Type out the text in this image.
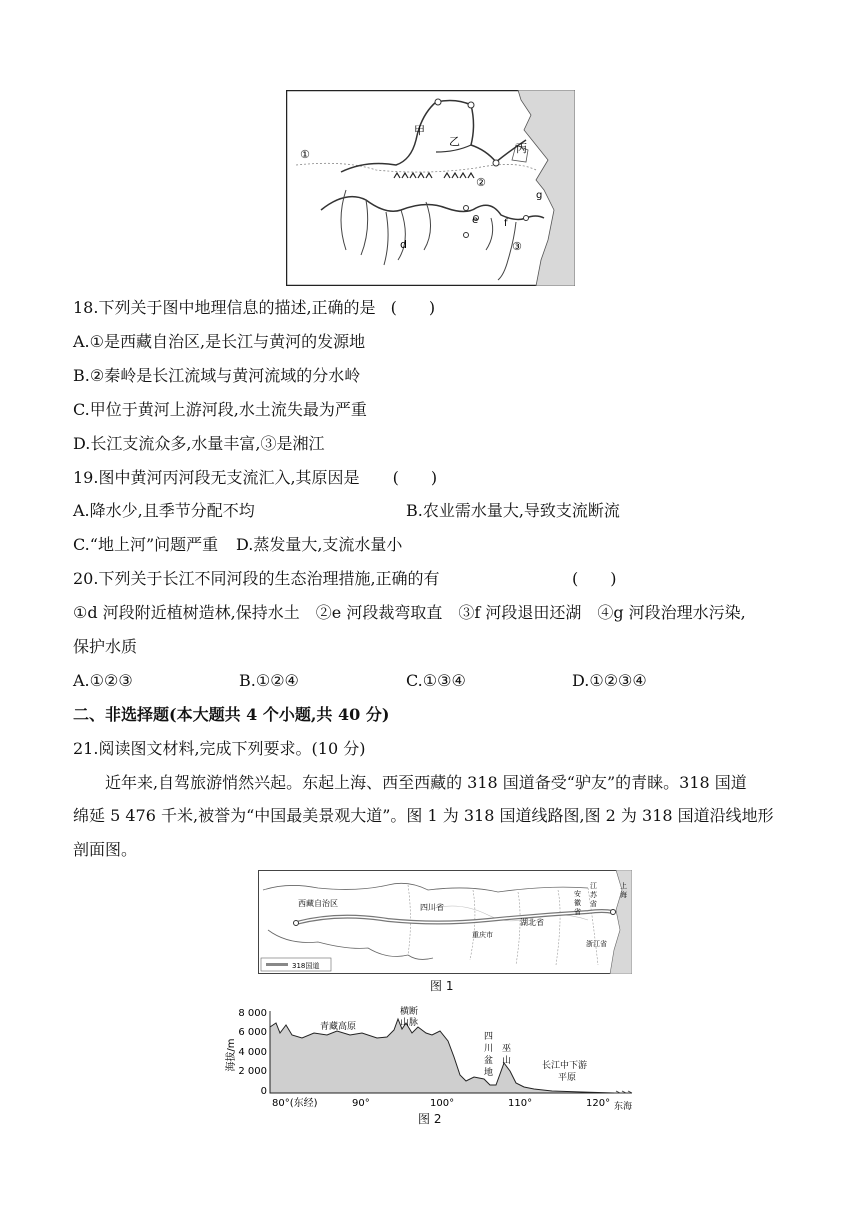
①
甲
乙
丙
②
e	f
g
d	③
18.下列关于图中地理信息的描述,正确的是 (　　)
A.①是西藏自治区,是长江与黄河的发源地
B.②秦岭是长江流域与黄河流域的分水岭
C.甲位于黄河上游河段,水土流失最为严重
D.长江支流众多,水量丰富,③是湘江
19.图中黄河丙河段无支流汇入,其原因是 (　　)
A.降水少,且季节分配不均	B.农业需水量大,导致支流断流
C.“地上河”问题严重 D.蒸发量大,支流水量小
20.下列关于长江不同河段的生态治理措施,正确的有	(　　)
①d 河段附近植树造林,保持水土　②e 河段裁弯取直　③f 河段退田还湖　④g 河段治理水污染,
保护水质
A.①②③	B.①②④	C.①③④	D.①②③④
二、非选择题(本大题共 4 个小题,共 40 分)
21.阅读图文材料,完成下列要求。(10 分)
近年来,自驾旅游悄然兴起。东起上海、西至西藏的 318 国道备受“驴友”的青睐。318 国道
绵延 5 476 千米,被誉为“中国最美景观大道”。图 1 为 318 国道线路图,图 2 为 318 国道沿线地形
剖面图。
西藏自治区	四川省
湖北省
重庆市
安徽省
江苏省
上海
浙江省
318国道
图 1
8 000
6 000
4 000
2 000
0
海拔/m
80°(东经)	90°	100°	110°	120° 东海
青藏高原
横断
山脉
四
川
盆
地
巫
山	长江中下游
平原
图 2
